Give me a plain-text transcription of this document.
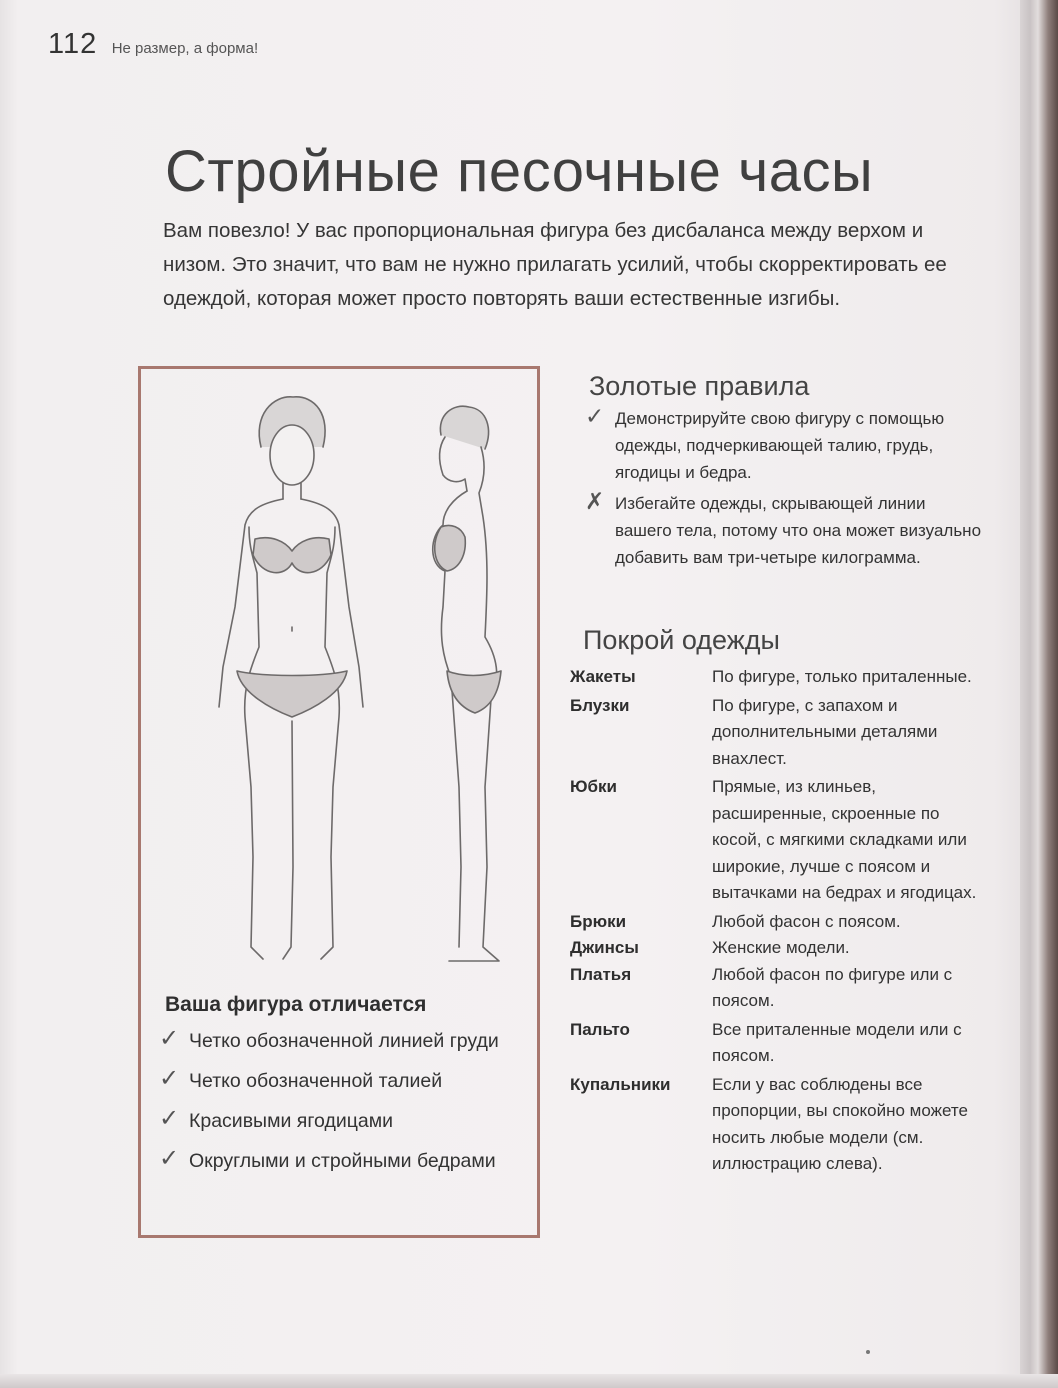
112 Не размер, а форма!
Стройные песочные часы
Вам повезло! У вас пропорциональная фигура без дисбаланса между верхом и низом. Это значит, что вам не нужно прилагать усилий, чтобы скорректировать ее одеждой, которая может просто повторять ваши естественные изгибы.
Ваша фигура отличается
✓ Четко обозначенной линией груди
✓ Четко обозначенной талией
✓ Красивыми ягодицами
✓ Округлыми и стройными бедрами
Золотые правила
✓ Демонстрируйте свою фигуру с помощью одежды, подчеркивающей талию, грудь, ягодицы и бедра.
✗ Избегайте одежды, скрывающей линии вашего тела, потому что она может визуально добавить вам три-четыре килограмма.
Покрой одежды
Жакеты	По фигуре, только приталенные.
Блузки	По фигуре, с запахом и дополнительными деталями внахлест.
Юбки	Прямые, из клиньев, расширенные, скроенные по косой, с мягкими складками или широкие, лучше с поясом и вытачками на бедрах и ягодицах.
Брюки	Любой фасон с поясом.
Джинсы	Женские модели.
Платья	Любой фасон по фигуре или с поясом.
Пальто	Все приталенные модели или с поясом.
Купальники	Если у вас соблюдены все пропорции, вы спокойно можете носить любые модели (см. иллюстрацию слева).
